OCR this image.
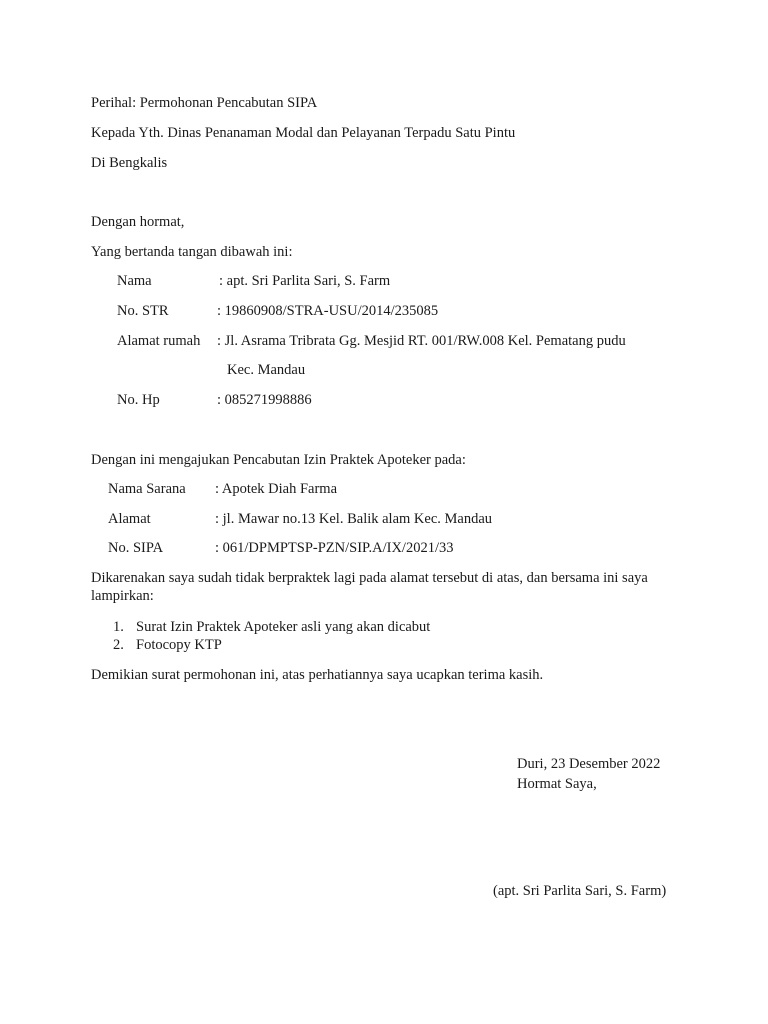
Perihal: Permohonan Pencabutan SIPA
Kepada Yth. Dinas Penanaman Modal dan Pelayanan Terpadu Satu Pintu
Di Bengkalis
Dengan hormat,
Yang bertanda tangan dibawah ini:
Nama	: apt. Sri Parlita Sari, S. Farm
No. STR	: 19860908/STRA-USU/2014/235085
Alamat rumah : Jl. Asrama Tribrata Gg. Mesjid RT. 001/RW.008 Kel. Pematang pudu
Kec. Mandau
No. Hp	: 085271998886
Dengan ini mengajukan Pencabutan Izin Praktek Apoteker pada:
Nama Sarana : Apotek Diah Farma
Alamat	: jl. Mawar no.13 Kel. Balik alam Kec. Mandau
No. SIPA	: 061/DPMPTSP-PZN/SIP.A/IX/2021/33
Dikarenakan saya sudah tidak berpraktek lagi pada alamat tersebut di atas, dan bersama ini saya lampirkan:
1. Surat Izin Praktek Apoteker asli yang akan dicabut
2. Fotocopy KTP
Demikian surat permohonan ini, atas perhatiannya saya ucapkan terima kasih.
Duri, 23 Desember 2022
Hormat Saya,
(apt. Sri Parlita Sari, S. Farm)
